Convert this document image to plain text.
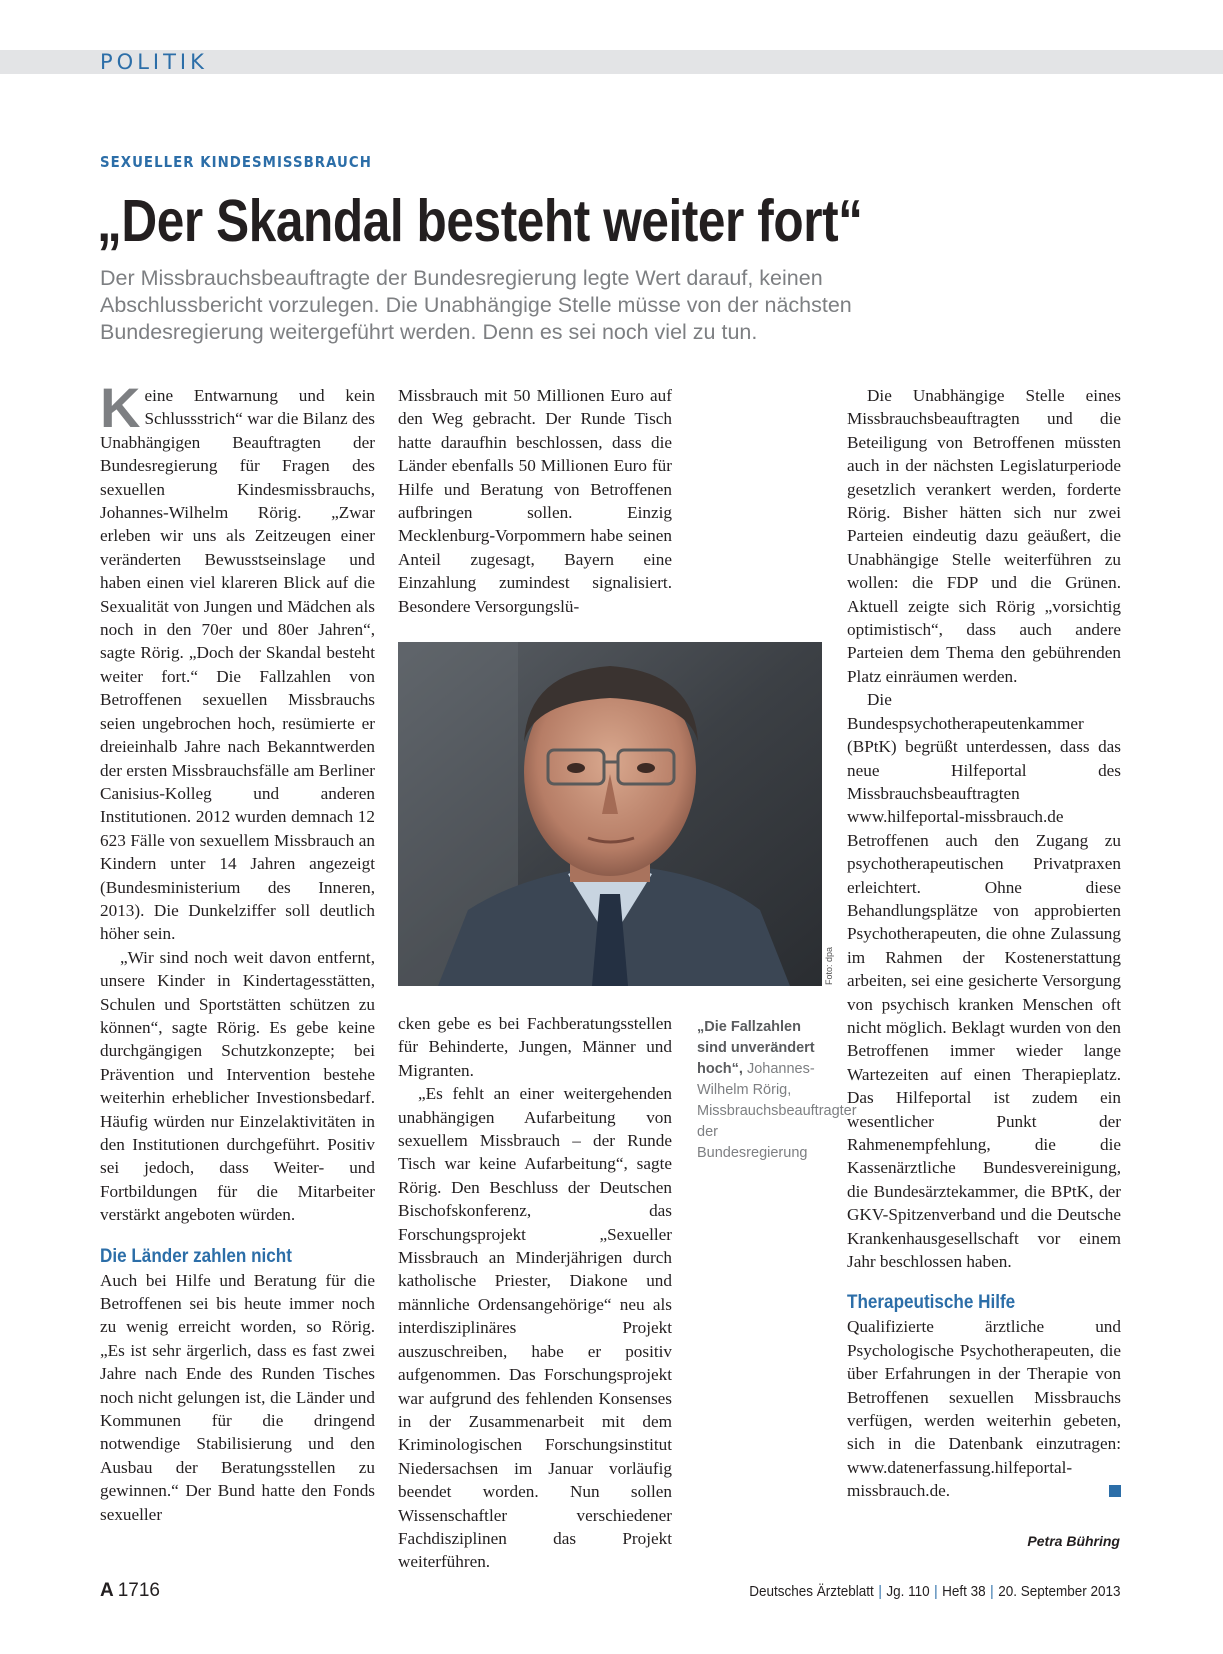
POLITIK
SEXUELLER KINDESMISSBRAUCH
„Der Skandal besteht weiter fort“

Der Missbrauchsbeauftragte der Bundesregierung legte Wert darauf, keinen Abschlussbericht vorzulegen. Die Unabhängige Stelle müsse von der nächsten Bundesregierung weitergeführt werden. Denn es sei noch viel zu tun.

Keine Entwarnung und kein Schlussstrich“ war die Bilanz des Unabhängigen Beauftragten der Bundesregierung für Fragen des sexuellen Kindesmissbrauchs, Johannes-Wilhelm Rörig. „Zwar erleben wir uns als Zeitzeugen einer veränderten Bewusstseinslage und haben einen viel klareren Blick auf die Sexualität von Jungen und Mädchen als noch in den 70er und 80er Jahren“, sagte Rörig. „Doch der Skandal besteht weiter fort.“ Die Fallzahlen von Betroffenen sexuellen Missbrauchs seien ungebrochen hoch, resümierte er dreieinhalb Jahre nach Bekanntwerden der ersten Missbrauchsfälle am Berliner Canisius-Kolleg und anderen Institutionen. 2012 wurden demnach 12 623 Fälle von sexuellem Missbrauch an Kindern unter 14 Jahren angezeigt (Bundesministerium des Inneren, 2013). Die Dunkelziffer soll deutlich höher sein.

„Wir sind noch weit davon entfernt, unsere Kinder in Kindertagesstätten, Schulen und Sportstätten schützen zu können“, sagte Rörig. Es gebe keine durchgängigen Schutzkonzepte; bei Prävention und Intervention bestehe weiterhin erheblicher Investionsbedarf. Häufig würden nur Einzelaktivitäten in den Institutionen durchgeführt. Positiv sei jedoch, dass Weiter- und Fortbildungen für die Mitarbeiter verstärkt angeboten würden.

Die Länder zahlen nicht

Auch bei Hilfe und Beratung für die Betroffenen sei bis heute immer noch zu wenig erreicht worden, so Rörig. „Es ist sehr ärgerlich, dass es fast zwei Jahre nach Ende des Runden Tisches noch nicht gelungen ist, die Länder und Kommunen für die dringend notwendige Stabilisierung und den Ausbau der Beratungsstellen zu gewinnen.“ Der Bund hatte den Fonds sexueller

Missbrauch mit 50 Millionen Euro auf den Weg gebracht. Der Runde Tisch hatte daraufhin beschlossen, dass die Länder ebenfalls 50 Millionen Euro für Hilfe und Beratung von Betroffenen aufbringen sollen. Einzig Mecklenburg-Vorpommern habe seinen Anteil zugesagt, Bayern eine Einzahlung zumindest signalisiert. Besondere Versorgungslü-

Foto: dpa

cken gebe es bei Fachberatungsstellen für Behinderte, Jungen, Männer und Migranten.

„Es fehlt an einer weitergehenden unabhängigen Aufarbeitung von sexuellem Missbrauch – der Runde Tisch war keine Aufarbeitung“, sagte Rörig. Den Beschluss der Deutschen Bischofskonferenz, das Forschungsprojekt „Sexueller Missbrauch an Minderjährigen durch katholische Priester, Diakone und männliche Ordensangehörige“ neu als interdisziplinäres Projekt auszuschreiben, habe er positiv aufgenommen. Das Forschungsprojekt war aufgrund des fehlenden Konsenses in der Zusammenarbeit mit dem Kriminologischen Forschungsinstitut Niedersachsen im Januar vorläufig beendet worden. Nun sollen Wissenschaftler verschiedener Fachdisziplinen das Projekt weiterführen.

„Die Fallzahlen sind unverändert hoch“, Johannes-Wilhelm Rörig, Missbrauchsbeauftragter der Bundesregierung

Die Unabhängige Stelle eines Missbrauchsbeauftragten und die Beteiligung von Betroffenen müssten auch in der nächsten Legislaturperiode gesetzlich verankert werden, forderte Rörig. Bisher hätten sich nur zwei Parteien eindeutig dazu geäußert, die Unabhängige Stelle weiterführen zu wollen: die FDP und die Grünen. Aktuell zeigte sich Rörig „vorsichtig optimistisch“, dass auch andere Parteien dem Thema den gebührenden Platz einräumen werden.

Die Bundespsychotherapeutenkammer (BPtK) begrüßt unterdessen, dass das neue Hilfeportal des Missbrauchsbeauftragten www.hilfeportal-missbrauch.de Betroffenen auch den Zugang zu psychotherapeutischen Privatpraxen erleichtert. Ohne diese Behandlungsplätze von approbierten Psychotherapeuten, die ohne Zulassung im Rahmen der Kostenerstattung arbeiten, sei eine gesicherte Versorgung von psychisch kranken Menschen oft nicht möglich. Beklagt wurden von den Betroffenen immer wieder lange Wartezeiten auf einen Therapieplatz. Das Hilfeportal ist zudem ein wesentlicher Punkt der Rahmenempfehlung, die die Kassenärztliche Bundesvereinigung, die Bundesärztekammer, die BPtK, der GKV-Spitzenverband und die Deutsche Krankenhausgesellschaft vor einem Jahr beschlossen haben.

Therapeutische Hilfe

Qualifizierte ärztliche und Psychologische Psychotherapeuten, die über Erfahrungen in der Therapie von Betroffenen sexuellen Missbrauchs verfügen, werden weiterhin gebeten, sich in die Datenbank einzutragen: www.datenerfassung.hilfeportal-missbrauch.de.

Petra Bühring
A 1716	Deutsches Ärzteblatt | Jg. 110 | Heft 38 | 20. September 2013
